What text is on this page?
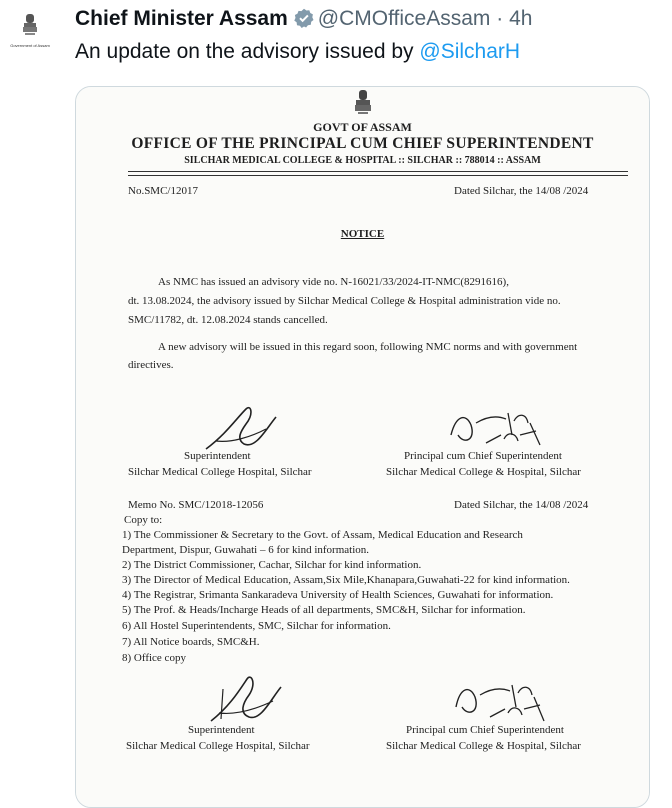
Government of Assam
Chief Minister Assam @CMOfficeAssam · 4h
An update on the advisory issued by @SilcharH
GOVT OF ASSAM
OFFICE OF THE PRINCIPAL CUM CHIEF SUPERINTENDENT
SILCHAR MEDICAL COLLEGE & HOSPITAL :: SILCHAR :: 788014 :: ASSAM
No.SMC/12017	Dated Silchar, the 14/08 /2024
NOTICE
As NMC has issued an advisory vide no. N-16021/33/2024-IT-NMC(8291616),
dt. 13.08.2024, the advisory issued by Silchar Medical College & Hospital administration vide no.
SMC/11782, dt. 12.08.2024 stands cancelled.
A new advisory will be issued in this regard soon, following NMC norms and with government
directives.
Superintendent
Silchar Medical College Hospital, Silchar
Principal cum Chief Superintendent
Silchar Medical College & Hospital, Silchar
Memo No. SMC/12018-12056	Dated Silchar, the 14/08 /2024
Copy to:
1) The Commissioner & Secretary to the Govt. of Assam, Medical Education and Research
Department, Dispur, Guwahati – 6 for kind information.
2) The District Commissioner, Cachar, Silchar for kind information.
3) The Director of Medical Education, Assam,Six Mile,Khanapara,Guwahati-22 for kind information.
4) The Registrar, Srimanta Sankaradeva University of Health Sciences, Guwahati for information.
5) The Prof. & Heads/Incharge Heads of all departments, SMC&H, Silchar for information.
6) All Hostel Superintendents, SMC, Silchar for information.
7) All Notice boards, SMC&H.
8) Office copy
Superintendent
Silchar Medical College Hospital, Silchar
Principal cum Chief Superintendent
Silchar Medical College & Hospital, Silchar
